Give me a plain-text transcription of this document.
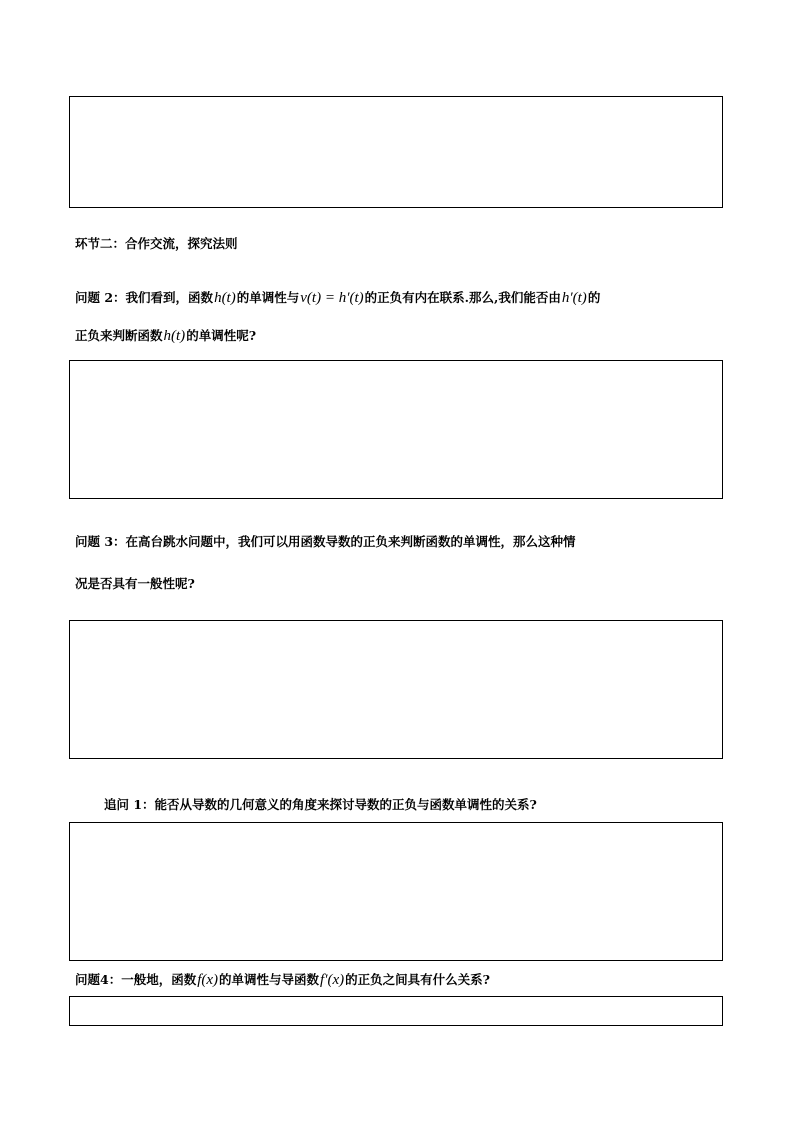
环节二：合作交流，探究法则
问题 2：我们看到，函数h(t)的单调性与v(t) = h′(t)的正负有内在联系.那么,我们能否由h′(t)的
正负来判断函数h(t)的单调性呢?
问题 3：在高台跳水问题中，我们可以用函数导数的正负来判断函数的单调性，那么这种情
况是否具有一般性呢?
追问 1：能否从导数的几何意义的角度来探讨导数的正负与函数单调性的关系?
问题4：一般地，函数f(x)的单调性与导函数f′(x)的正负之间具有什么关系?
